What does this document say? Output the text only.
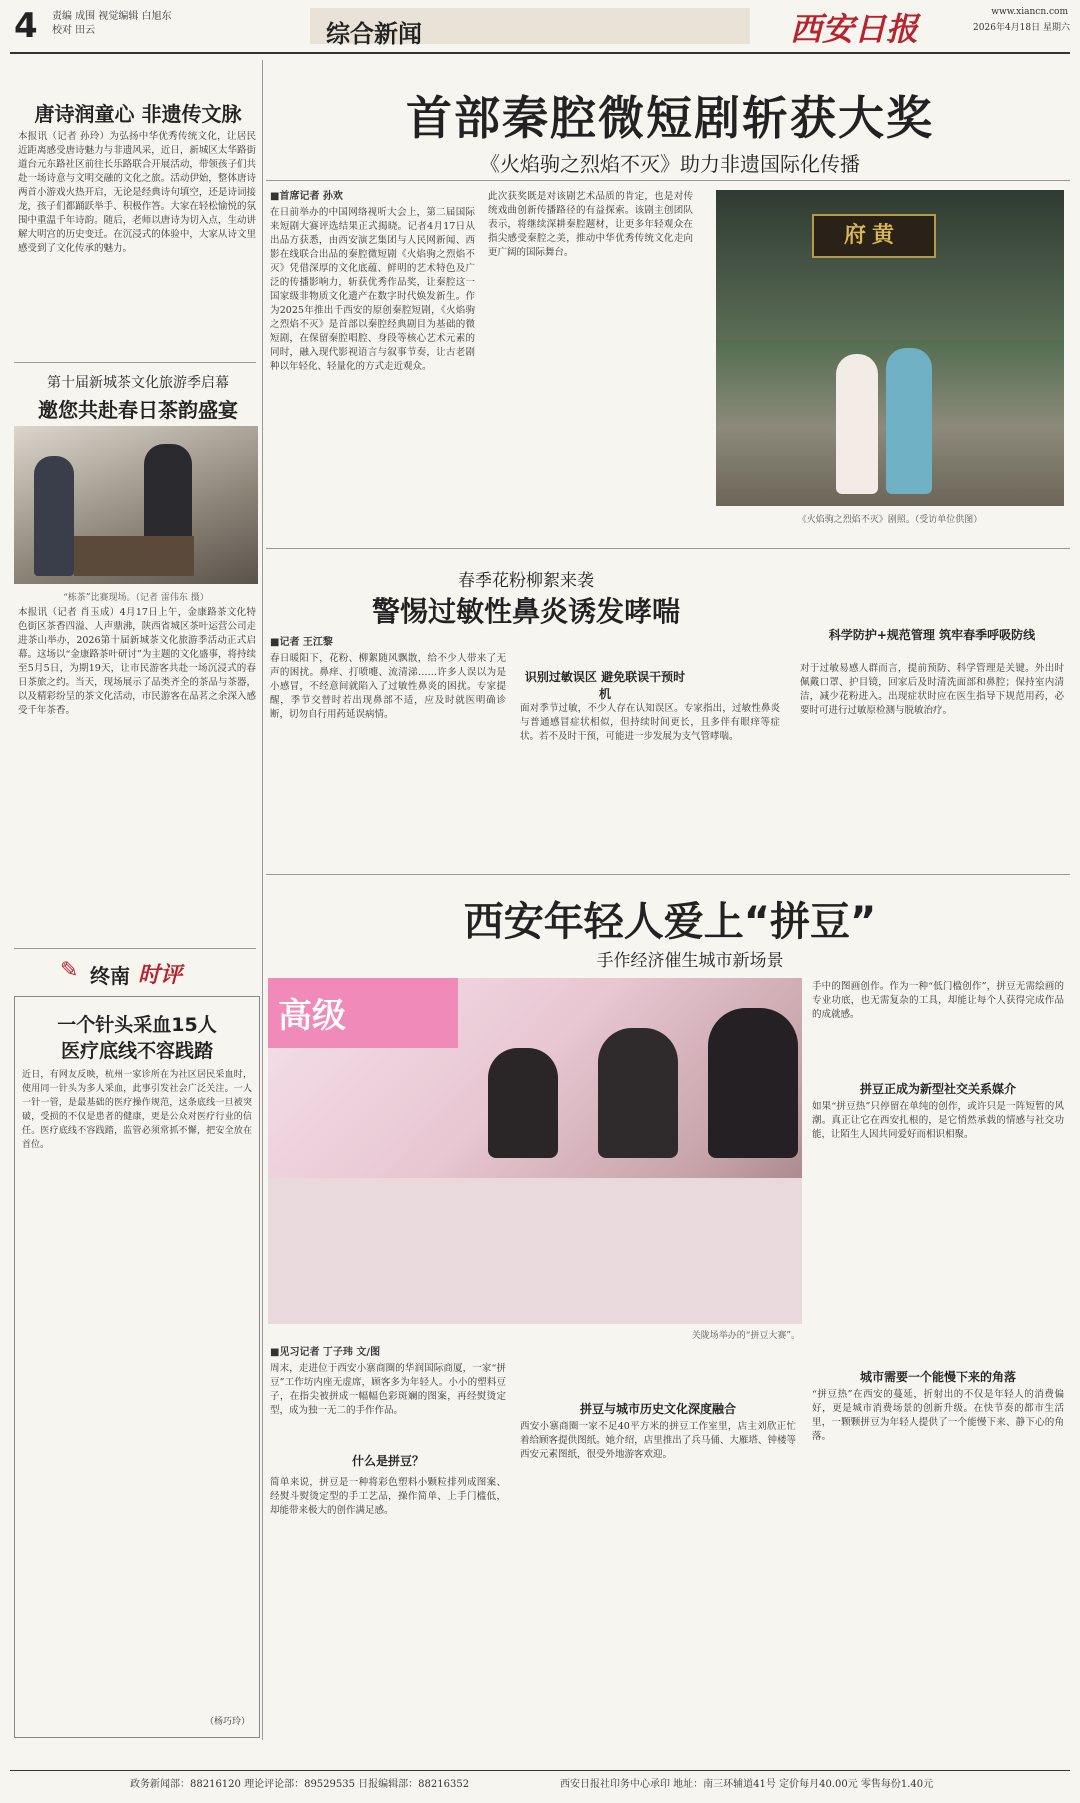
4 责编 成围 视觉编辑 白旭东
校对 田云	综合新闻	西安日报	www.xiancn.com
2026年4月18日 星期六
唐诗润童心 非遗传文脉
本报讯（记者 孙玲）为弘扬中华优秀传统文化，让居民近距离感受唐诗魅力与非遗风采，近日，新城区太华路街道台元东路社区前往长乐路联合开展活动，带领孩子们共赴一场诗意与文明交融的文化之旅。活动伊始，整体唐诗两首小游戏火热开启，无论是经典诗句填空，还是诗词接龙，孩子们都踊跃举手、积极作答。大家在轻松愉悦的氛围中重温千年诗韵。随后，老师以唐诗为切入点，生动讲解大明宫的历史变迁。在沉浸式的体验中，大家从诗文里感受到了文化传承的魅力。
第十届新城茶文化旅游季启幕
邀您共赴春日茶韵盛宴
“栋茶”比赛现场。（记者 雷伟东 摄）
本报讯（记者 肖玉成）4月17日上午，金康路茶文化特色街区茶香四溢、人声鼎沸，陕西省城区茶叶运营公司走进茶山举办，2026第十届新城茶文化旅游季活动正式启幕。这场以“金康路茶叶研讨”为主题的文化盛事，将持续至5月5日，为期19天，让市民游客共赴一场沉浸式的春日茶旅之约。当天，现场展示了品类齐全的茶品与茶器，以及精彩纷呈的茶文化活动，市民游客在品茗之余深入感受千年茶香。
✎ 终南 时评
一个针头采血15人
医疗底线不容践踏
近日，有网友反映，杭州一家诊所在为社区居民采血时，使用同一针头为多人采血，此事引发社会广泛关注。一人一针一管，是最基础的医疗操作规范，这条底线一旦被突破，受损的不仅是患者的健康，更是公众对医疗行业的信任。医疗底线不容践踏，监管必须常抓不懈，把安全放在首位。
（杨巧玲）
首部秦腔微短剧斩获大奖
《火焰驹之烈焰不灭》助力非遗国际化传播
■首席记者 孙欢
在日前举办的中国网络视听大会上，第二届国际来短剧大赛评选结果正式揭晓。记者4月17日从出品方获悉，由西安演艺集团与人民网新闻、西影在线联合出品的秦腔微短剧《火焰驹之烈焰不灭》凭借深厚的文化底蕴、鲜明的艺术特色及广泛的传播影响力，斩获优秀作品奖，让秦腔这一国家级非物质文化遗产在数字时代焕发新生。作为2025年推出千西安的原创秦腔短剧，《火焰驹之烈焰不灭》是首部以秦腔经典剧目为基础的微短剧，在保留秦腔唱腔、身段等核心艺术元素的同时，融入现代影视语言与叙事节奏，让古老剧种以年轻化、轻量化的方式走近观众。
此次获奖既是对该剧艺术品质的肯定，也是对传统戏曲创新传播路径的有益探索。该剧主创团队表示，将继续深耕秦腔题材，让更多年轻观众在指尖感受秦腔之美，推动中华优秀传统文化走向更广阔的国际舞台。
府黄
《火焰驹之烈焰不灭》剧照。（受访单位供图）
春季花粉柳絮来袭
警惕过敏性鼻炎诱发哮喘
■记者 王江黎
春日暖阳下，花粉、柳絮随风飘散，给不少人带来了无声的困扰。鼻痒、打喷嚏、流清涕……许多人误以为是小感冒，不经意间就陷入了过敏性鼻炎的困扰。专家提醒，季节交替时若出现鼻部不适，应及时就医明确诊断，切勿自行用药延误病情。
识别过敏误区 避免联误干预时机
面对季节过敏，不少人存在认知误区。专家指出，过敏性鼻炎与普通感冒症状相似，但持续时间更长，且多伴有眼痒等症状。若不及时干预，可能进一步发展为支气管哮喘。
科学防护+规范管理 筑牢春季呼吸防线
对于过敏易感人群而言，提前预防、科学管理是关键。外出时佩戴口罩、护目镜，回家后及时清洗面部和鼻腔；保持室内清洁，减少花粉进入。出现症状时应在医生指导下规范用药，必要时可进行过敏原检测与脱敏治疗。
西安年轻人爱上“拼豆”
手作经济催生城市新场景
高级
关陇场举办的“拼豆大赛”。
手中的图画创作。作为一种“低门槛创作”，拼豆无需绘画的专业功底，也无需复杂的工具，却能让每个人获得完成作品的成就感。
拼豆正成为新型社交关系媒介
如果“拼豆热”只停留在单纯的创作，或许只是一阵短暂的风潮。真正让它在西安扎根的，是它悄然承载的情感与社交功能，让陌生人因共同爱好而相识相聚。
■见习记者 丁子玮 文/图
周末，走进位于西安小寨商圈的华润国际商厦，一家“拼豆”工作坊内座无虚席，顾客多为年轻人。小小的塑料豆子，在指尖被拼成一幅幅色彩斑斓的图案，再经熨烫定型，成为独一无二的手作作品。
什么是拼豆？
简单来说，拼豆是一种将彩色塑料小颗粒排列成图案、经熨斗熨烫定型的手工艺品，操作简单、上手门槛低，却能带来极大的创作满足感。
拼豆与城市历史文化深度融合
西安小寨商圈一家不足40平方米的拼豆工作室里，店主刘欣正忙着给顾客提供图纸。她介绍，店里推出了兵马俑、大雁塔、钟楼等西安元素图纸，很受外地游客欢迎。
城市需要一个能慢下来的角落
“拼豆热”在西安的蔓延，折射出的不仅是年轻人的消费偏好，更是城市消费场景的创新升级。在快节奏的都市生活里，一颗颗拼豆为年轻人提供了一个能慢下来、静下心的角落。
政务新闻部：88216120 理论评论部：89529535 日报编辑部：88216352	西安日报社印务中心承印 地址：南三环辅道41号 定价每月40.00元 零售每份1.40元
